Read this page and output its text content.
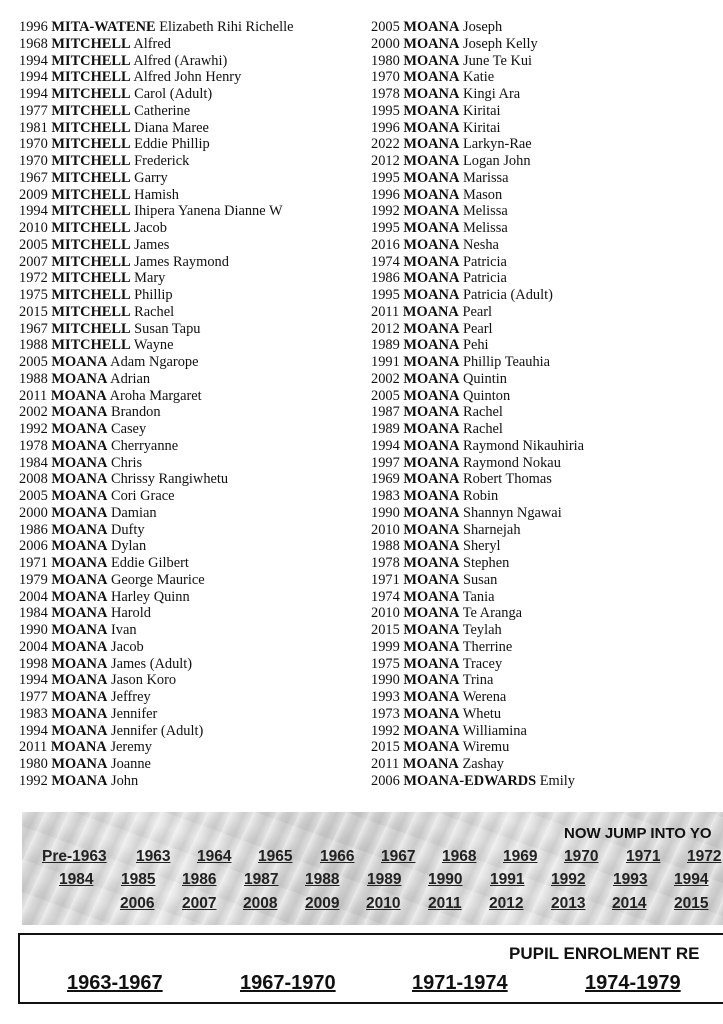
1996 MITA-WATENE Elizabeth Rihi Richelle
1968 MITCHELL Alfred
1994 MITCHELL Alfred (Arawhi)
1994 MITCHELL Alfred John Henry
1994 MITCHELL Carol (Adult)
1977 MITCHELL Catherine
1981 MITCHELL Diana Maree
1970 MITCHELL Eddie Phillip
1970 MITCHELL Frederick
1967 MITCHELL Garry
2009 MITCHELL Hamish
1994 MITCHELL Ihipera Yanena Dianne W
2010 MITCHELL Jacob
2005 MITCHELL James
2007 MITCHELL James Raymond
1972 MITCHELL Mary
1975 MITCHELL Phillip
2015 MITCHELL Rachel
1967 MITCHELL Susan Tapu
1988 MITCHELL Wayne
2005 MOANA Adam Ngarope
1988 MOANA Adrian
2011 MOANA Aroha Margaret
2002 MOANA Brandon
1992 MOANA Casey
1978 MOANA Cherryanne
1984 MOANA Chris
2008 MOANA Chrissy Rangiwhetu
2005 MOANA Cori Grace
2000 MOANA Damian
1986 MOANA Dufty
2006 MOANA Dylan
1971 MOANA Eddie Gilbert
1979 MOANA George Maurice
2004 MOANA Harley Quinn
1984 MOANA Harold
1990 MOANA Ivan
2004 MOANA Jacob
1998 MOANA James (Adult)
1994 MOANA Jason Koro
1977 MOANA Jeffrey
1983 MOANA Jennifer
1994 MOANA Jennifer (Adult)
2011 MOANA Jeremy
1980 MOANA Joanne
1992 MOANA John
2005 MOANA Joseph
2000 MOANA Joseph Kelly
1980 MOANA June Te Kui
1970 MOANA Katie
1978 MOANA Kingi Ara
1995 MOANA Kiritai
1996 MOANA Kiritai
2022 MOANA Larkyn-Rae
2012 MOANA Logan John
1995 MOANA Marissa
1996 MOANA Mason
1992 MOANA Melissa
1995 MOANA Melissa
2016 MOANA Nesha
1974 MOANA Patricia
1986 MOANA Patricia
1995 MOANA Patricia (Adult)
2011 MOANA Pearl
2012 MOANA Pearl
1989 MOANA Pehi
1991 MOANA Phillip Teauhia
2002 MOANA Quintin
2005 MOANA Quinton
1987 MOANA Rachel
1989 MOANA Rachel
1994 MOANA Raymond Nikauhiria
1997 MOANA Raymond Nokau
1969 MOANA Robert Thomas
1983 MOANA Robin
1990 MOANA Shannyn Ngawai
2010 MOANA Sharnejah
1988 MOANA Sheryl
1978 MOANA Stephen
1971 MOANA Susan
1974 MOANA Tania
2010 MOANA Te Aranga
2015 MOANA Teylah
1999 MOANA Therrine
1975 MOANA Tracey
1990 MOANA Trina
1993 MOANA Werena
1973 MOANA Whetu
1992 MOANA Williamina
2015 MOANA Wiremu
2011 MOANA Zashay
2006 MOANA-EDWARDS Emily
NOW JUMP INTO YO
Pre-1963 1963 1964 1965 1966 1967 1968 1969 1970 1971 1972
1984 1985 1986 1987 1988 1989 1990 1991 1992 1993 1994
2006 2007 2008 2009 2010 2011 2012 2013 2014 2015
PUPIL ENROLMENT RE
1963-1967	1967-1970	1971-1974	1974-1979
